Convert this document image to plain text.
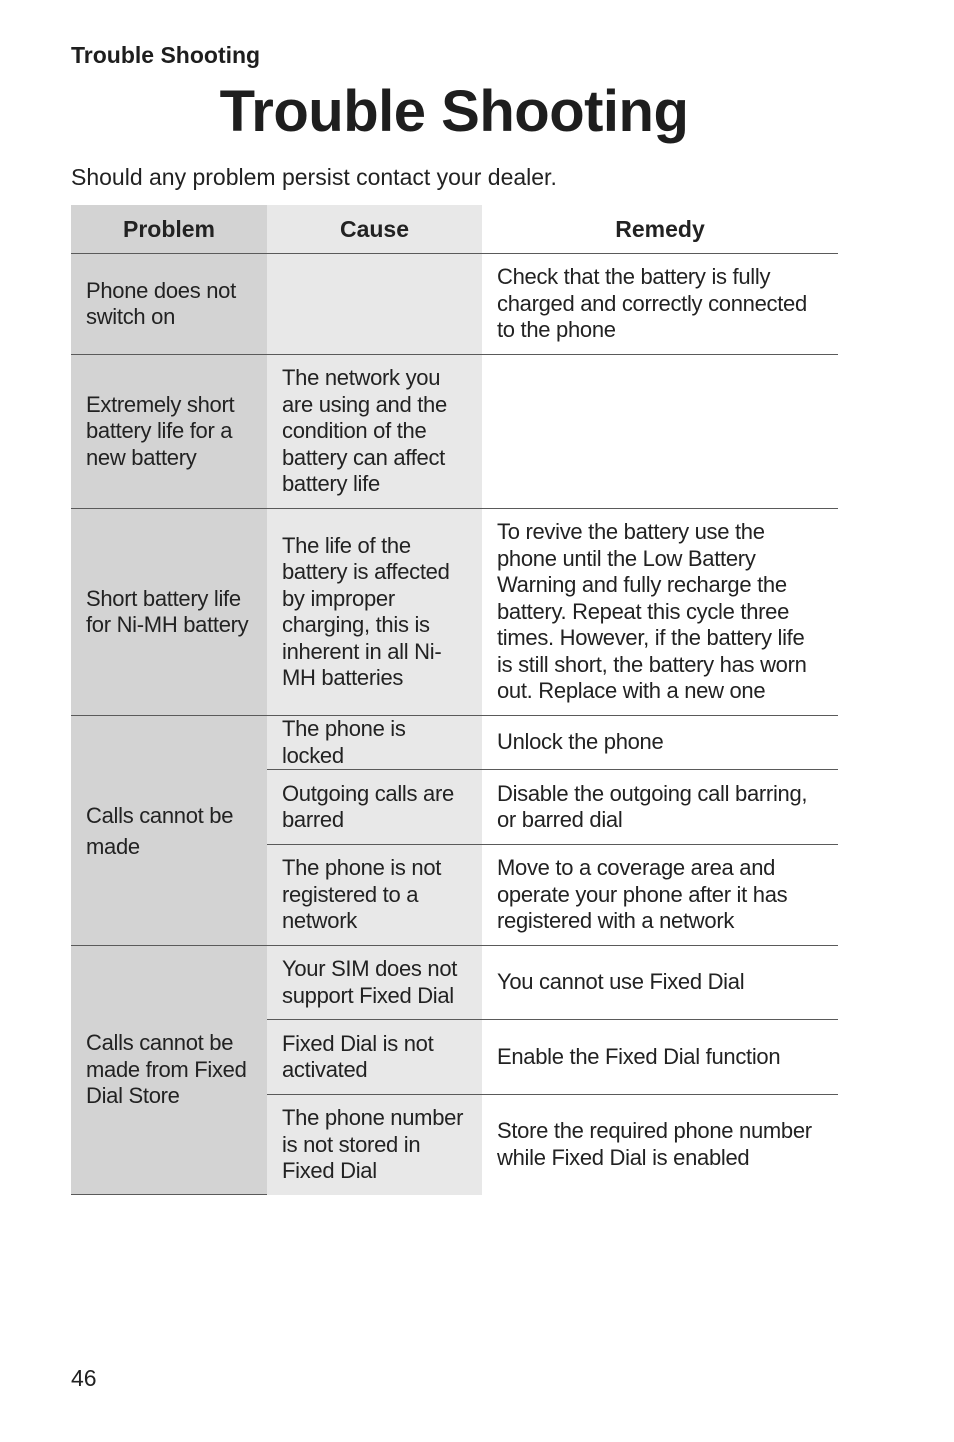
Trouble Shooting
Trouble Shooting
Should any problem persist contact your dealer.
Problem	Cause	Remedy

Phone does not switch on		Check that the battery is fully charged and correctly connected to the phone

Extremely short battery life for a new battery	The network you are using and the condition of the battery can affect battery life	

Short battery life for Ni-MH battery	The life of the battery is affected by improper charging, this is inherent in all Ni-MH batteries	To revive the battery use the phone until the Low Battery Warning and fully recharge the battery. Repeat this cycle three times. However, if the battery life is still short, the battery has worn out. Replace with a new one

Calls cannot be made	The phone is locked	Unlock the phone

	Outgoing calls are barred	Disable the outgoing call barring, or barred dial

	The phone is not registered to a network	Move to a coverage area and operate your phone after it has registered with a network

Calls cannot be made from Fixed Dial Store	Your SIM does not support Fixed Dial	You cannot use Fixed Dial

	Fixed Dial is not activated	Enable the Fixed Dial function

	The phone number is not stored in Fixed Dial	Store the required phone number while Fixed Dial is enabled
46
